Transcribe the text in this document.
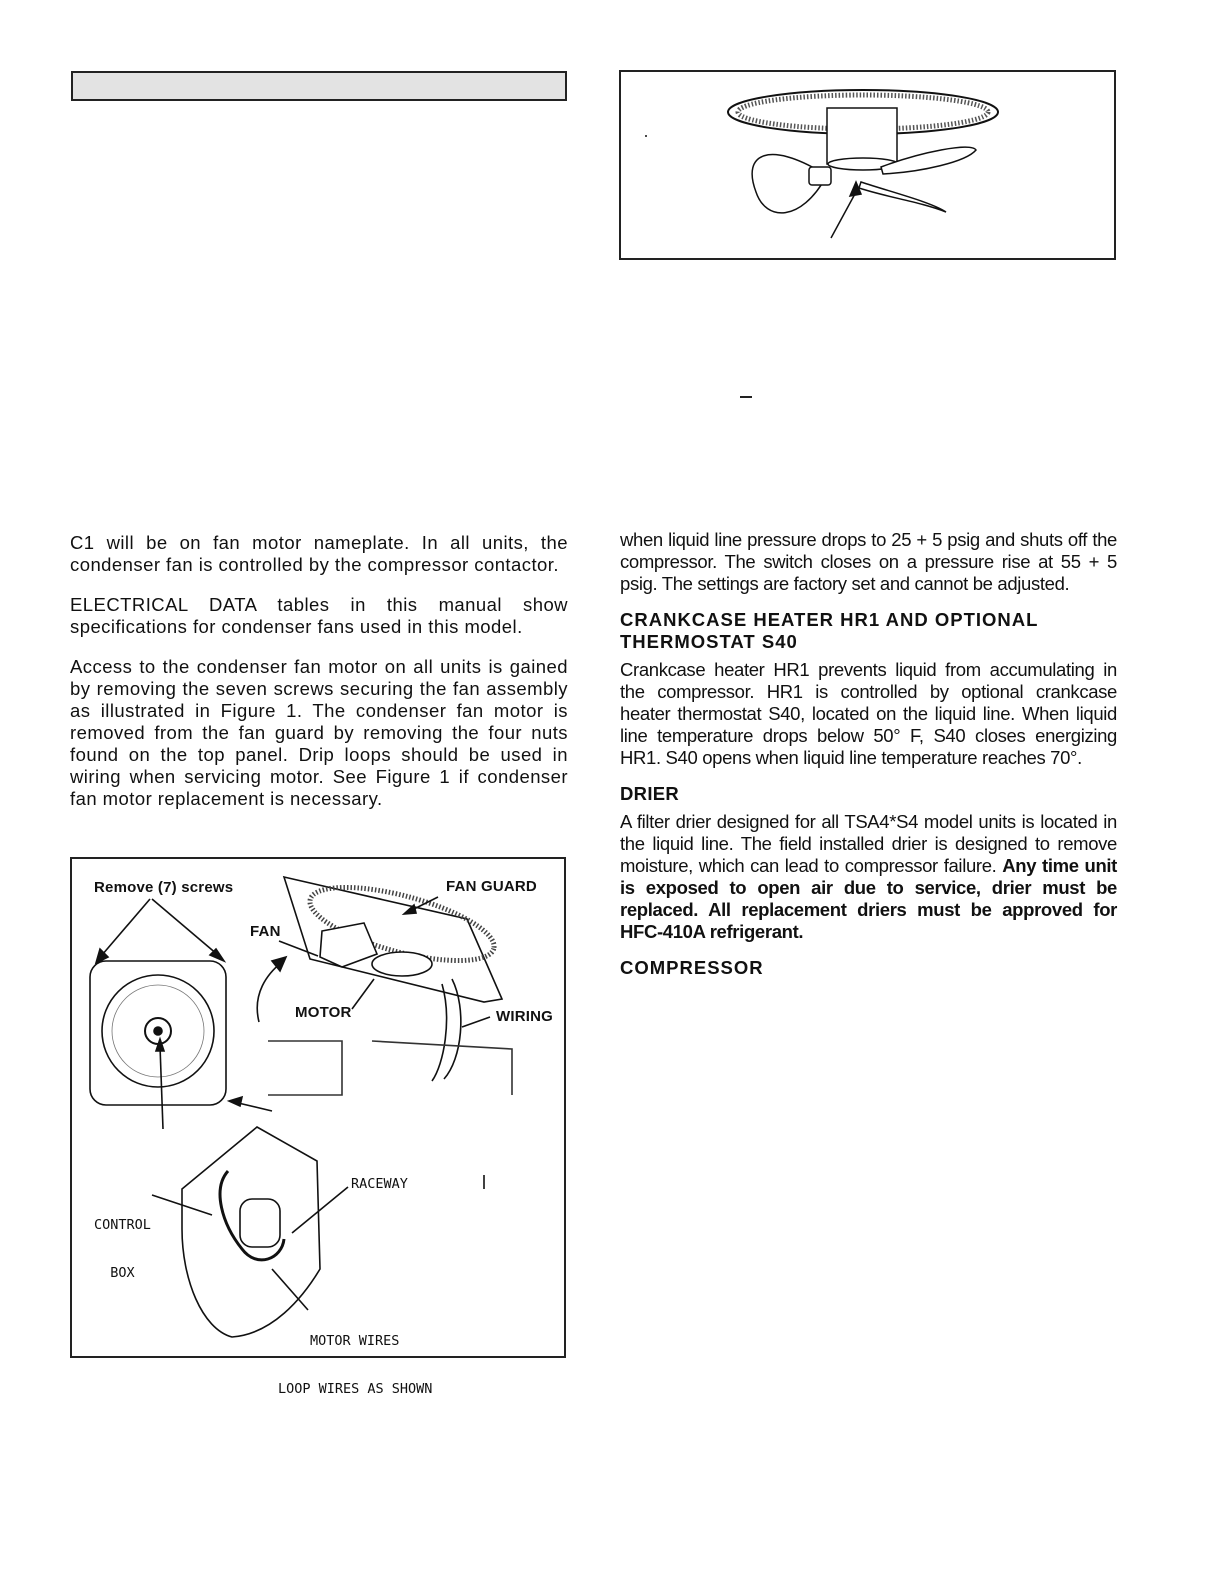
C1 will be on fan motor nameplate. In all units, the condenser fan is controlled by the compressor contactor.

ELECTRICAL DATA tables in this manual show specifications for condenser fans used in this model.

Access to the condenser fan motor on all units is gained by removing the seven screws securing the fan assembly as illustrated in Figure 1. The condenser fan motor is removed from the fan guard by removing the four nuts found on the top panel. Drip loops should be used in wiring when servicing motor. See Figure 1 if condenser fan motor replacement is necessary.

Remove (7) screws	FAN GUARD
FAN
MOTOR	WIRING

CONTROL

BOX

RACEWAY

MOTOR WIRES

LOOP WIRES AS SHOWN

when liquid line pressure drops to 25 + 5 psig and shuts off the compressor. The switch closes on a pressure rise at 55 + 5 psig. The settings are factory set and cannot be adjusted.

CRANKCASE HEATER HR1 AND OPTIONAL
THERMOSTAT S40

Crankcase heater HR1 prevents liquid from accumulating in the compressor. HR1 is controlled by optional crankcase heater thermostat S40, located on the liquid line. When liquid line temperature drops below 50° F, S40 closes energizing HR1. S40 opens when liquid line temperature reaches 70°.

DRIER

A filter drier designed for all TSA4*S4 model units is located in the liquid line. The field installed drier is designed to remove moisture, which can lead to compressor failure. Any time unit is exposed to open air due to service, drier must be replaced. All replacement driers must be approved for HFC-410A refrigerant.

COMPRESSOR
